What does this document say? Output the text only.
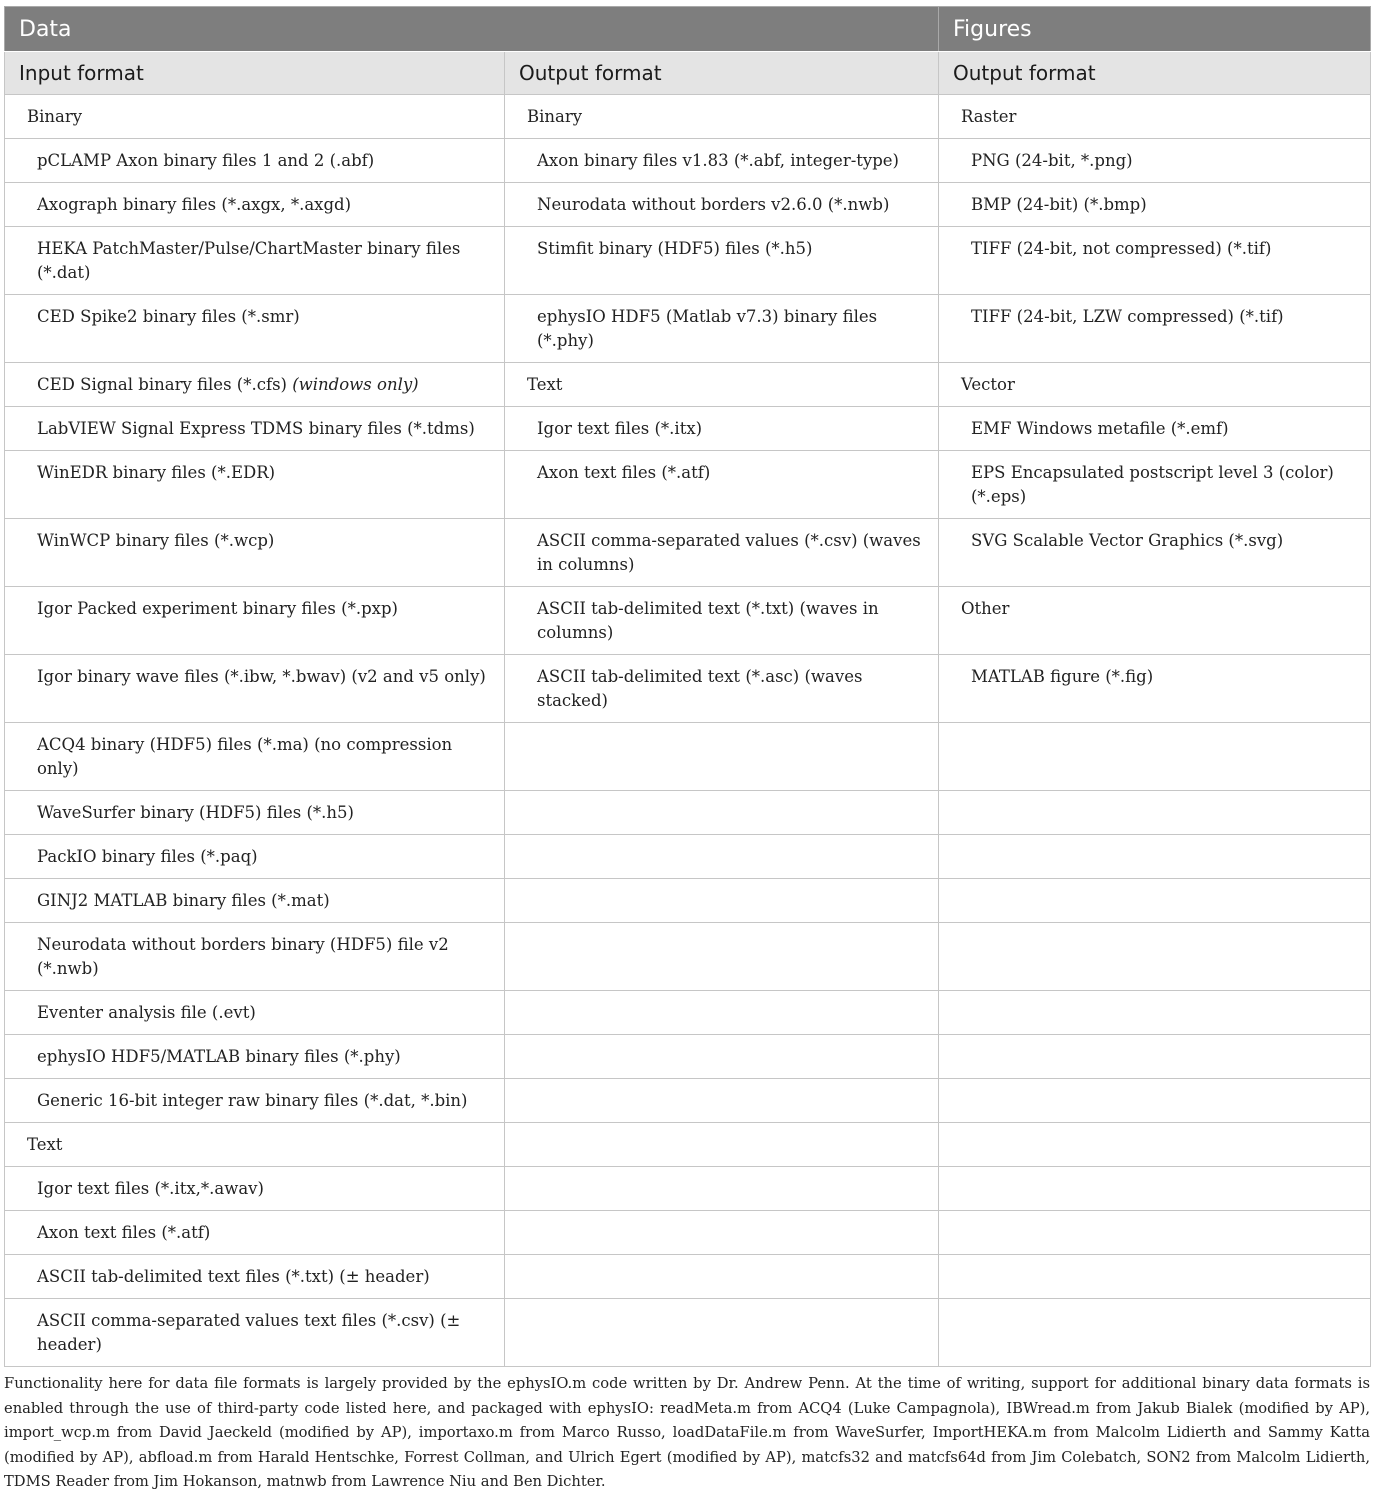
Data		Figures
Input format	Output format	Output format
Binary	Binary	Raster
pCLAMP Axon binary files 1 and 2 (.abf)	Axon binary files v1.83 (*.abf, integer-type)	PNG (24-bit, *.png)
Axograph binary files (*.axgx, *.axgd)	Neurodata without borders v2.6.0 (*.nwb)	BMP (24-bit) (*.bmp)
HEKA PatchMaster/Pulse/ChartMaster binary files (*.dat)	Stimfit binary (HDF5) files (*.h5)	TIFF (24-bit, not compressed) (*.tif)
CED Spike2 binary files (*.smr)	ephysIO HDF5 (Matlab v7.3) binary files (*.phy)	TIFF (24-bit, LZW compressed) (*.tif)
CED Signal binary files (*.cfs) (windows only)	Text	Vector
LabVIEW Signal Express TDMS binary files (*.tdms)	Igor text files (*.itx)	EMF Windows metafile (*.emf)
WinEDR binary files (*.EDR)	Axon text files (*.atf)	EPS Encapsulated postscript level 3 (color) (*.eps)
WinWCP binary files (*.wcp)	ASCII comma-separated values (*.csv) (waves in columns)	SVG Scalable Vector Graphics (*.svg)
Igor Packed experiment binary files (*.pxp)	ASCII tab-delimited text (*.txt) (waves in columns)	Other
Igor binary wave files (*.ibw, *.bwav) (v2 and v5 only)	ASCII tab-delimited text (*.asc) (waves stacked)	MATLAB figure (*.fig)
ACQ4 binary (HDF5) files (*.ma) (no compression only)		
WaveSurfer binary (HDF5) files (*.h5)		
PackIO binary files (*.paq)		
GINJ2 MATLAB binary files (*.mat)		
Neurodata without borders binary (HDF5) file v2 (*.nwb)		
Eventer analysis file (.evt)		
ephysIO HDF5/MATLAB binary files (*.phy)		
Generic 16-bit integer raw binary files (*.dat, *.bin)		
Text		
Igor text files (*.itx,*.awav)		
Axon text files (*.atf)		
ASCII tab-delimited text files (*.txt) (± header)		
ASCII comma-separated values text files (*.csv) (± header)		
Functionality here for data file formats is largely provided by the ephysIO.m code written by Dr. Andrew Penn. At the time of writing, support for additional binary data formats is enabled through the use of third-party code listed here, and packaged with ephysIO: readMeta.m from ACQ4 (Luke Campagnola), IBWread.m from Jakub Bialek (modified by AP), import_wcp.m from David Jaeckeld (modified by AP), importaxo.m from Marco Russo, loadDataFile.m from WaveSurfer, ImportHEKA.m from Malcolm Lidierth and Sammy Katta (modified by AP), abfload.m from Harald Hentschke, Forrest Collman, and Ulrich Egert (modified by AP), matcfs32 and matcfs64d from Jim Colebatch, SON2 from Malcolm Lidierth, TDMS Reader from Jim Hokanson, matnwb from Lawrence Niu and Ben Dichter.
